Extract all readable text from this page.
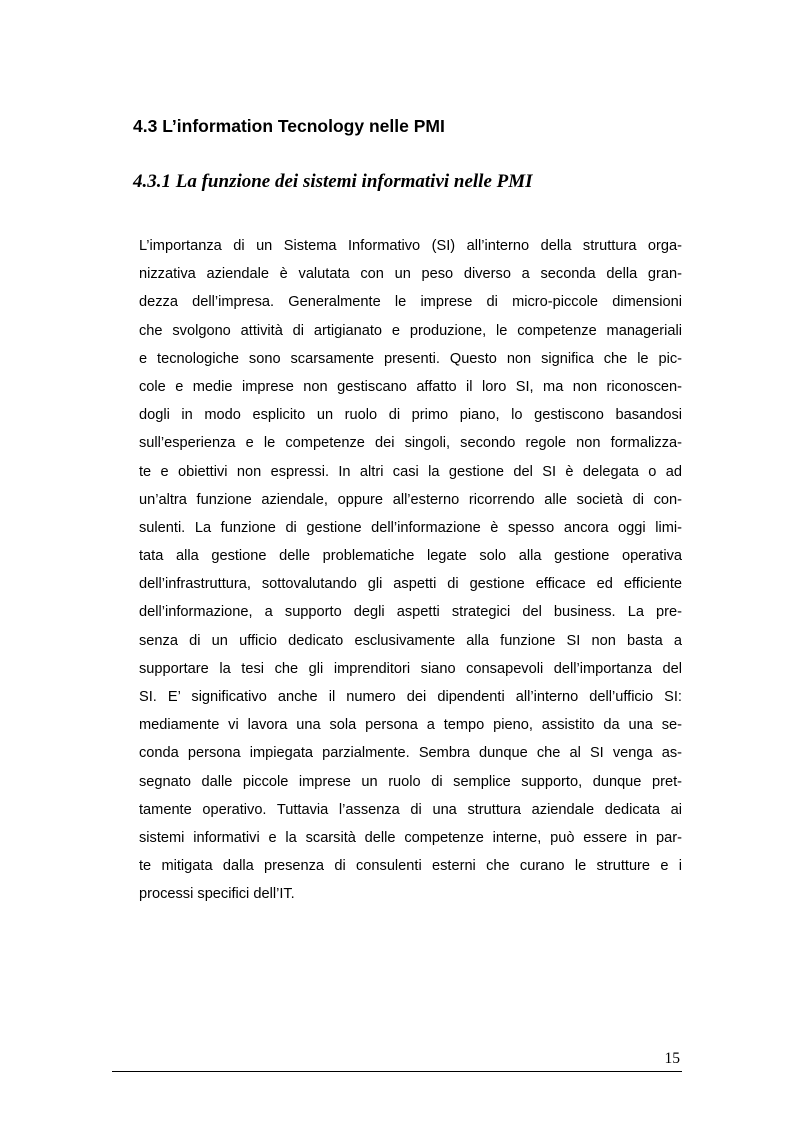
4.3 L’information Tecnology nelle PMI
4.3.1 La funzione dei sistemi informativi nelle PMI
L’importanza di un Sistema Informativo (SI) all’interno della struttura orga-
nizzativa aziendale è valutata con un peso diverso a seconda della gran-
dezza dell’impresa. Generalmente le imprese di micro-piccole dimensioni
che svolgono attività di artigianato e produzione, le competenze manageriali
e tecnologiche sono scarsamente presenti. Questo non significa che le pic-
cole e medie imprese non gestiscano affatto il loro SI, ma non riconoscen-
dogli in modo esplicito un ruolo di primo piano, lo gestiscono basandosi
sull’esperienza e le competenze dei singoli, secondo regole non formalizza-
te e obiettivi non espressi. In altri casi la gestione del SI è delegata o ad
un’altra funzione aziendale, oppure all’esterno ricorrendo alle società di con-
sulenti. La funzione di gestione dell’informazione è spesso ancora oggi limi-
tata alla gestione delle problematiche legate solo alla gestione operativa
dell’infrastruttura, sottovalutando gli aspetti di gestione efficace ed efficiente
dell’informazione, a supporto degli aspetti strategici del business. La pre-
senza di un ufficio dedicato esclusivamente alla funzione SI non basta a
supportare la tesi che gli imprenditori siano consapevoli dell’importanza del
SI. E’ significativo anche il numero dei dipendenti all’interno dell’ufficio SI:
mediamente vi lavora una sola persona a tempo pieno, assistito da una se-
conda persona impiegata parzialmente. Sembra dunque che al SI venga as-
segnato dalle piccole imprese un ruolo di semplice supporto, dunque pret-
tamente operativo. Tuttavia l’assenza di una struttura aziendale dedicata ai
sistemi informativi e la scarsità delle competenze interne, può essere in par-
te mitigata dalla presenza di consulenti esterni che curano le strutture e i
processi specifici dell’IT.
15
